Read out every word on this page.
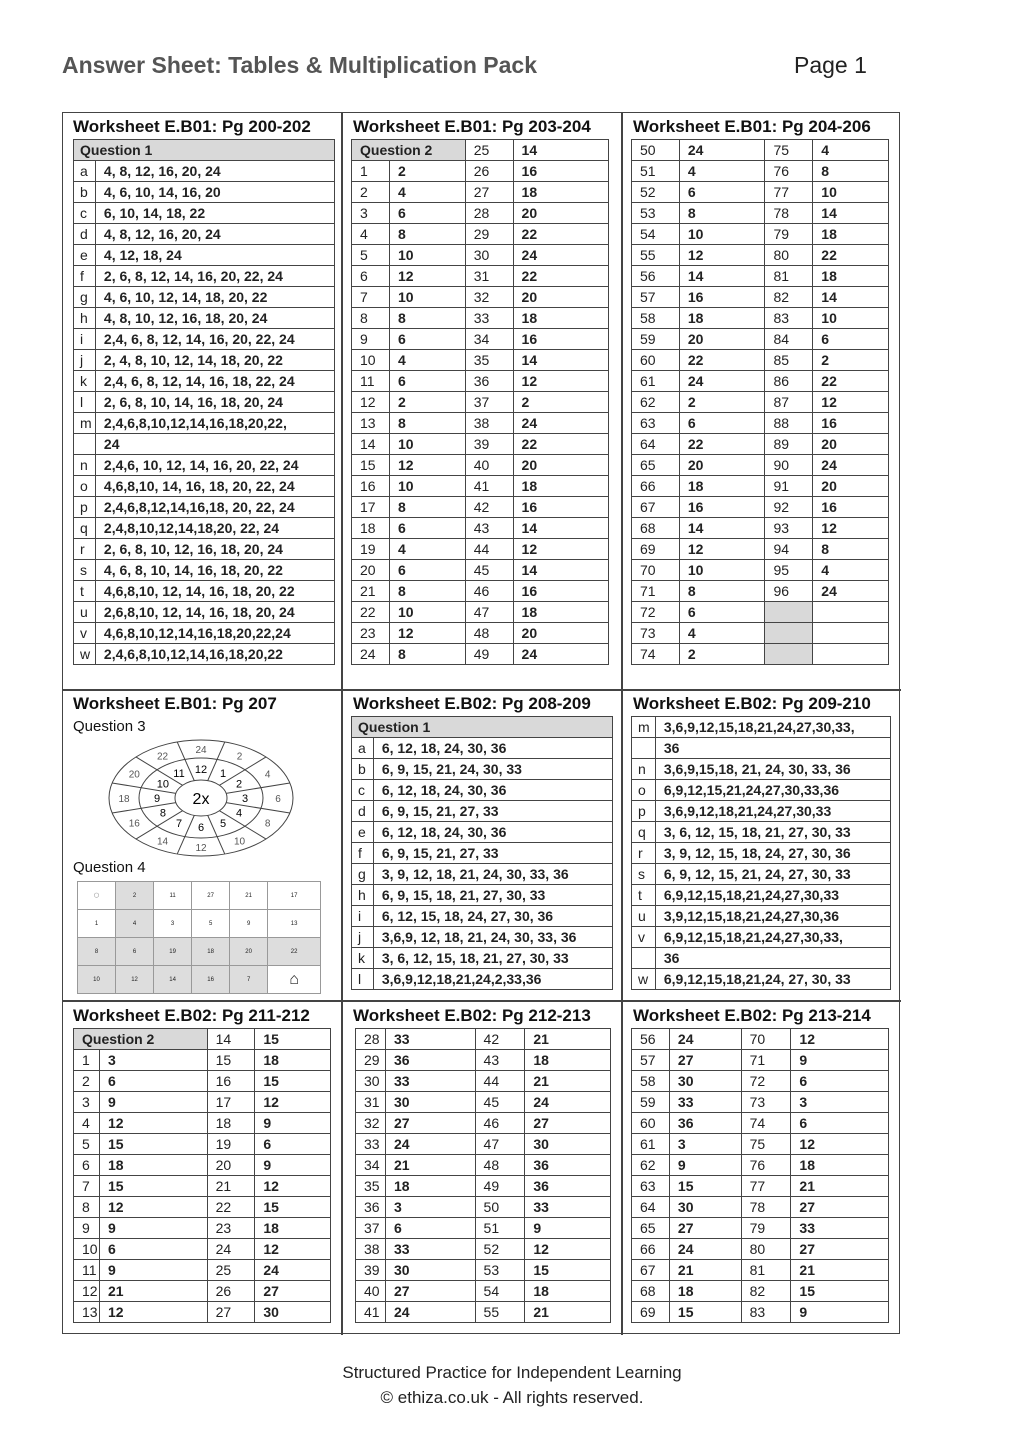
Answer Sheet: Tables & Multiplication Pack	Page 1
Worksheet E.B01: Pg 200-202
Question 1	
a	4, 8, 12, 16, 20, 24
b	4, 6, 10, 14, 16, 20
c	6, 10, 14, 18, 22
d	4, 8, 12, 16, 20, 24
e	4, 12, 18, 24
f	2, 6, 8, 12, 14, 16, 20, 22, 24
g	4, 6, 10, 12, 14, 18, 20, 22
h	4, 8, 10, 12, 16, 18, 20, 24
i	2,4, 6, 8, 12, 14, 16, 20, 22, 24
j	2, 4, 8, 10, 12, 14, 18, 20, 22
k	2,4, 6, 8, 12, 14, 16, 18, 22, 24
l	2, 6, 8, 10, 14, 16, 18, 20, 24
m	2,4,6,8,10,12,14,16,18,20,22,
	24
n	2,4,6, 10, 12, 14, 16, 20, 22, 24
o	4,6,8,10, 14, 16, 18, 20, 22, 24
p	2,4,6,8,12,14,16,18, 20, 22, 24
q	2,4,8,10,12,14,18,20, 22, 24
r	2, 6, 8, 10, 12, 16, 18, 20, 24
s	4, 6, 8, 10, 14, 16, 18, 20, 22
t	4,6,8,10, 12, 14, 16, 18, 20, 22
u	2,6,8,10, 12, 14, 16, 18, 20, 24
v	4,6,8,10,12,14,16,18,20,22,24
w	2,4,6,8,10,12,14,16,18,20,22
Worksheet E.B01: Pg 203-204
Question 2		25	14
1	2	26	16
2	4	27	18
3	6	28	20
4	8	29	22
5	10	30	24
6	12	31	22
7	10	32	20
8	8	33	18
9	6	34	16
10	4	35	14
11	6	36	12
12	2	37	2
13	8	38	24
14	10	39	22
15	12	40	20
16	10	41	18
17	8	42	16
18	6	43	14
19	4	44	12
20	6	45	14
21	8	46	16
22	10	47	18
23	12	48	20
24	8	49	24
Worksheet E.B01: Pg 204-206
50	24	75	4
51	4	76	8
52	6	77	10
53	8	78	14
54	10	79	18
55	12	80	22
56	14	81	18
57	16	82	14
58	18	83	10
59	20	84	6
60	22	85	2
61	24	86	22
62	2	87	12
63	6	88	16
64	22	89	20
65	20	90	24
66	18	91	20
67	16	92	16
68	14	93	12
69	12	94	8
70	10	95	4
71	8	96	24
72	6		
73	4		
74	2		
Worksheet E.B01: Pg 207
Question 3
2x
1
2
2
4
3	6
4
8
5
10
6
12
7
14
8
16
9
18
10
20	11
22
12
24
Question 4
◌	2	11	27	21	17
1	4	3	5	9	13
8	6	19	18	20	22
10	12	14	16	7	⌂
Worksheet E.B02: Pg 208-209
Question 1	
a	6, 12, 18, 24, 30, 36
b	6, 9, 15, 21, 24, 30, 33
c	6, 12, 18, 24, 30, 36
d	6, 9, 15, 21, 27, 33
e	6, 12, 18, 24, 30, 36
f	6, 9, 15, 21, 27, 33
g	3, 9, 12, 18, 21, 24, 30, 33, 36
h	6, 9, 15, 18, 21, 27, 30, 33
i	6, 12, 15, 18, 24, 27, 30, 36
j	3,6,9, 12, 18, 21, 24, 30, 33, 36
k	3, 6, 12, 15, 18, 21, 27, 30, 33
l	3,6,9,12,18,21,24,2,33,36
Worksheet E.B02: Pg 209-210
m	3,6,9,12,15,18,21,24,27,30,33,
	36
n	3,6,9,15,18, 21, 24, 30, 33, 36
o	6,9,12,15,21,24,27,30,33,36
p	3,6,9,12,18,21,24,27,30,33
q	3, 6, 12, 15, 18, 21, 27, 30, 33
r	3, 9, 12, 15, 18, 24, 27, 30, 36
s	6, 9, 12, 15, 21, 24, 27, 30, 33
t	6,9,12,15,18,21,24,27,30,33
u	3,9,12,15,18,21,24,27,30,36
v	6,9,12,15,18,21,24,27,30,33,
	36
w	6,9,12,15,18,21,24, 27, 30, 33
Worksheet E.B02: Pg 211-212
Question 2		14	15
1	3	15	18
2	6	16	15
3	9	17	12
4	12	18	9
5	15	19	6
6	18	20	9
7	15	21	12
8	12	22	15
9	9	23	18
10	6	24	12
11	9	25	24
12	21	26	27
13	12	27	30
Worksheet E.B02: Pg 212-213
28	33	42	21
29	36	43	18
30	33	44	21
31	30	45	24
32	27	46	27
33	24	47	30
34	21	48	36
35	18	49	36
36	3	50	33
37	6	51	9
38	33	52	12
39	30	53	15
40	27	54	18
41	24	55	21
Worksheet E.B02: Pg 213-214
56	24	70	12
57	27	71	9
58	30	72	6
59	33	73	3
60	36	74	6
61	3	75	12
62	9	76	18
63	15	77	21
64	30	78	27
65	27	79	33
66	24	80	27
67	21	81	21
68	18	82	15
69	15	83	9
Structured Practice for Independent Learning
© ethiza.co.uk - All rights reserved.
